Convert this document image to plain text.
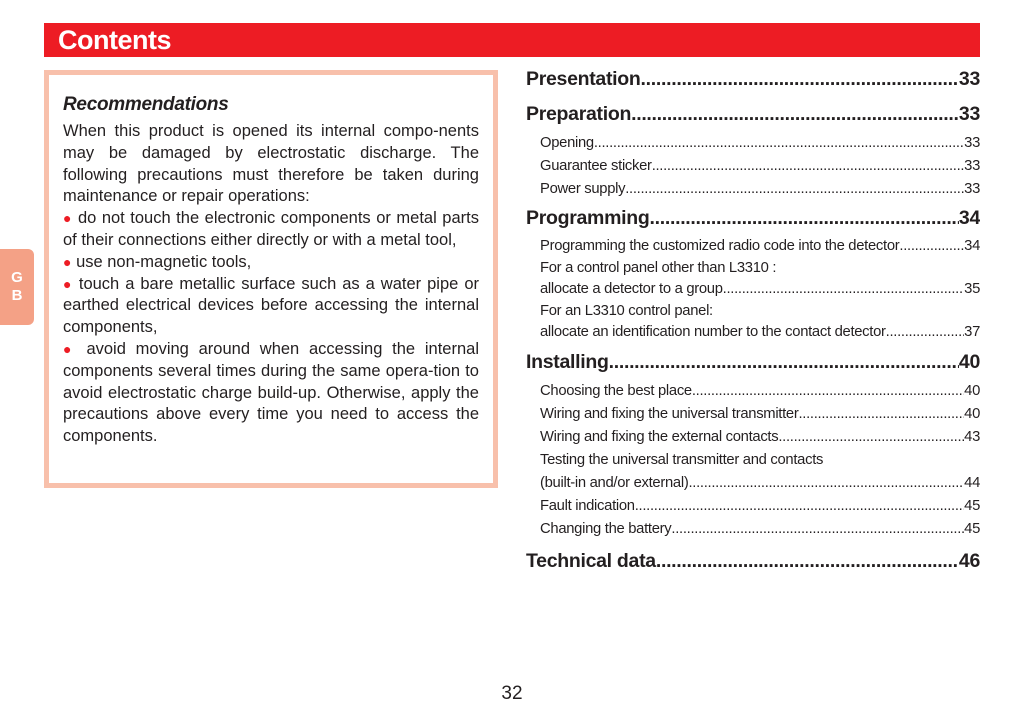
Contents
G
B
Recommendations

When this product is opened its internal compo-nents may be damaged by electrostatic discharge. The following precautions must therefore be taken during maintenance or repair operations:
● do not touch the electronic components or metal parts of their connections either directly or with a metal tool,
● use non-magnetic tools,
● touch a bare metallic surface such as a water pipe or earthed electrical devices before accessing the internal components,
● avoid moving around when accessing the internal components several times during the same opera-tion to avoid electrostatic charge build-up. Otherwise, apply the precautions above every time you need to access the components.

Presentation .....	33
Preparation .....	33
Opening .....	33
Guarantee sticker .....	33
Power supply .....	33
Programming .....	34
Programming the customized radio code into the detector .....	34
For a control panel other than L3310 :
allocate a detector to a group .....	35
For an L3310 control panel:
allocate an identification number to the contact detector .....	37
Installing .....	40
Choosing the best place .....	40
Wiring and fixing the universal transmitter .....	40
Wiring and fixing the external contacts .....	43
Testing the universal transmitter and contacts
(built-in and/or external) .....	44
Fault indication .....	45
Changing the battery .....	45
Technical data .....	46
32
